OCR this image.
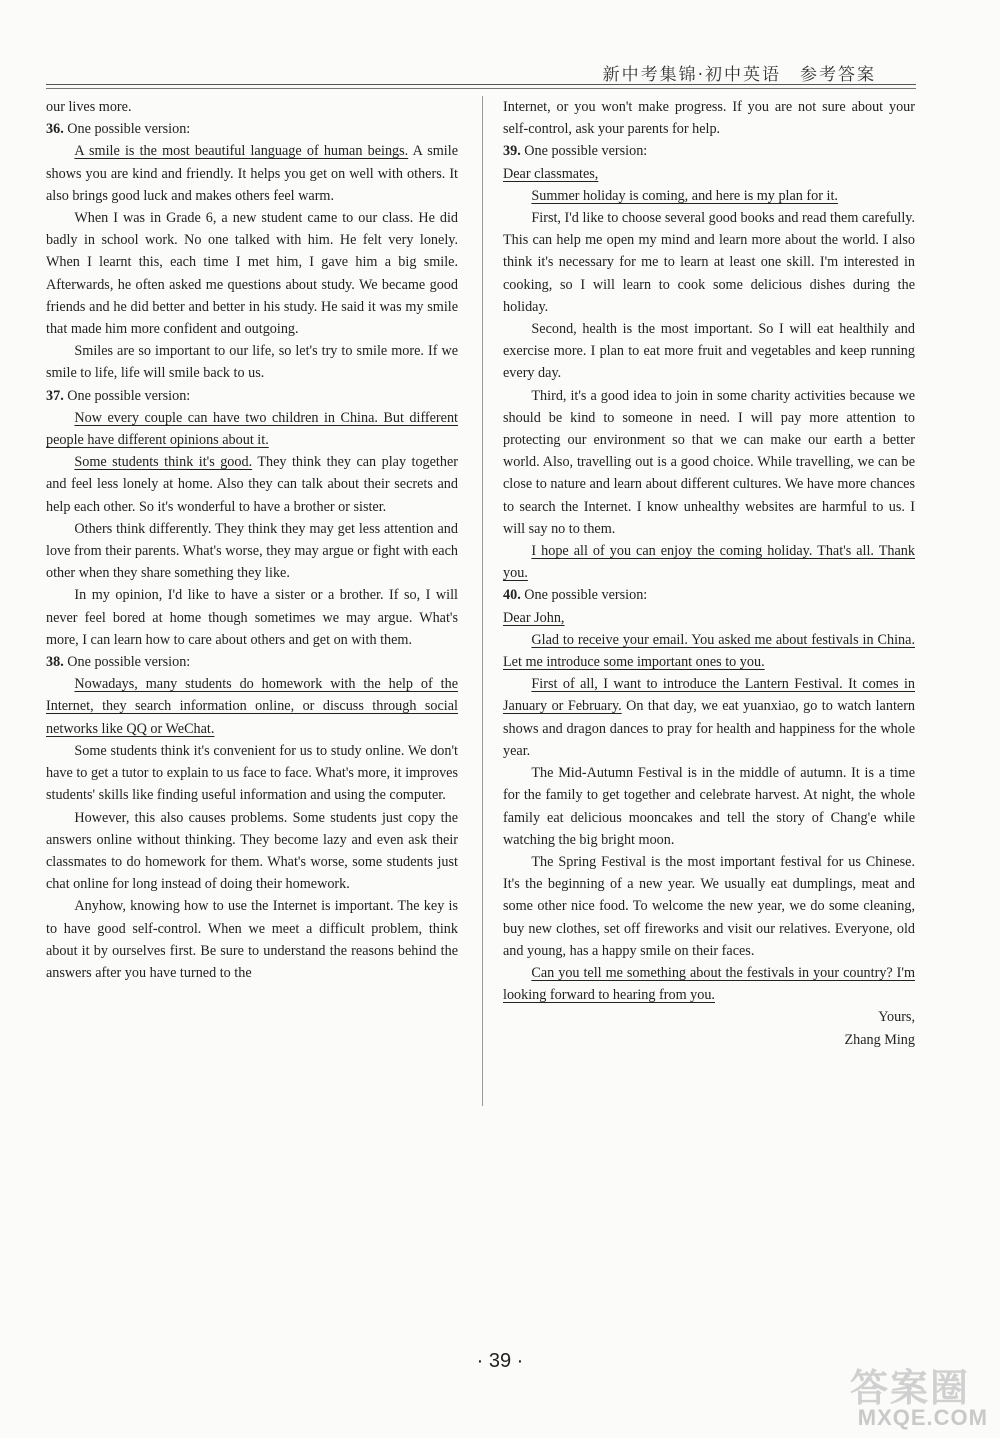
新中考集锦·初中英语　参考答案

our lives more.

36. One possible version:

A smile is the most beautiful language of human beings. A smile shows you are kind and friendly. It helps you get on well with others. It also brings good luck and makes others feel warm.

When I was in Grade 6, a new student came to our class. He did badly in school work. No one talked with him. He felt very lonely. When I learnt this, each time I met him, I gave him a big smile. Afterwards, he often asked me questions about study. We became good friends and he did better and better in his study. He said it was my smile that made him more confident and outgoing.

Smiles are so important to our life, so let's try to smile more. If we smile to life, life will smile back to us.

37. One possible version:

Now every couple can have two children in China. But different people have different opinions about it.

Some students think it's good. They think they can play together and feel less lonely at home. Also they can talk about their secrets and help each other. So it's wonderful to have a brother or sister.

Others think differently. They think they may get less attention and love from their parents. What's worse, they may argue or fight with each other when they share something they like.

In my opinion, I'd like to have a sister or a brother. If so, I will never feel bored at home though sometimes we may argue. What's more, I can learn how to care about others and get on with them.

38. One possible version:

Nowadays, many students do homework with the help of the Internet, they search information online, or discuss through social networks like QQ or WeChat.

Some students think it's convenient for us to study online. We don't have to get a tutor to explain to us face to face. What's more, it improves students' skills like finding useful information and using the computer.

However, this also causes problems. Some students just copy the answers online without thinking. They become lazy and even ask their classmates to do homework for them. What's worse, some students just chat online for long instead of doing their homework.

Anyhow, knowing how to use the Internet is important. The key is to have good self-control. When we meet a difficult problem, think about it by ourselves first. Be sure to understand the reasons behind the answers after you have turned to the

Internet, or you won't make progress. If you are not sure about your self-control, ask your parents for help.

39. One possible version:

Dear classmates,

Summer holiday is coming, and here is my plan for it.

First, I'd like to choose several good books and read them carefully. This can help me open my mind and learn more about the world. I also think it's necessary for me to learn at least one skill. I'm interested in cooking, so I will learn to cook some delicious dishes during the holiday.

Second, health is the most important. So I will eat healthily and exercise more. I plan to eat more fruit and vegetables and keep running every day.

Third, it's a good idea to join in some charity activities because we should be kind to someone in need. I will pay more attention to protecting our environment so that we can make our earth a better world. Also, travelling out is a good choice. While travelling, we can be close to nature and learn about different cultures. We have more chances to search the Internet. I know unhealthy websites are harmful to us. I will say no to them.

I hope all of you can enjoy the coming holiday. That's all. Thank you.

40. One possible version:

Dear John,

Glad to receive your email. You asked me about festivals in China. Let me introduce some important ones to you.

First of all, I want to introduce the Lantern Festival. It comes in January or February. On that day, we eat yuanxiao, go to watch lantern shows and dragon dances to pray for health and happiness for the whole year.

The Mid-Autumn Festival is in the middle of autumn. It is a time for the family to get together and celebrate harvest. At night, the whole family eat delicious mooncakes and tell the story of Chang'e while watching the big bright moon.

The Spring Festival is the most important festival for us Chinese. It's the beginning of a new year. We usually eat dumplings, meat and some other nice food. To welcome the new year, we do some cleaning, buy new clothes, set off fireworks and visit our relatives. Everyone, old and young, has a happy smile on their faces.

Can you tell me something about the festivals in your country? I'm looking forward to hearing from you.

Yours,

Zhang Ming

· 39 ·
答案圈
MXQE.COM
